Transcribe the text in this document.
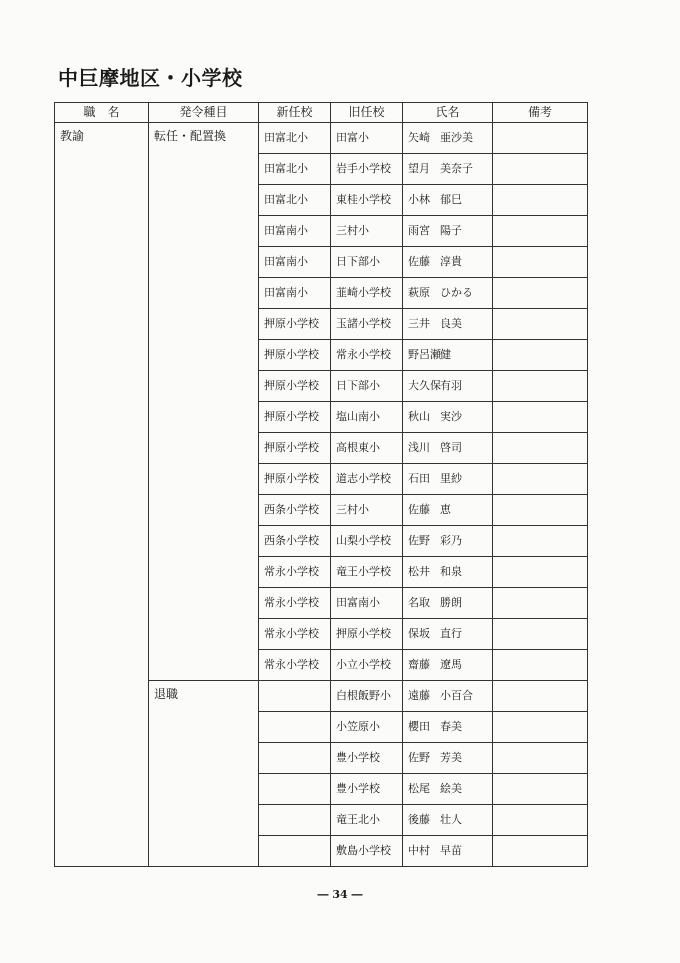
中巨摩地区・小学校
職　名	発令種目	新任校	旧任校	氏名	備考
教諭	転任・配置換	田富北小	田富小	矢崎 亜沙美	
		田富北小	岩手小学校	望月 美奈子	
		田富北小	東桂小学校	小林 郁巳	
		田富南小	三村小	雨宮 陽子	
		田富南小	日下部小	佐藤 淳貴	
		田富南小	韮崎小学校	萩原 ひかる	
		押原小学校	玉諸小学校	三井 良美	
		押原小学校	常永小学校	野呂瀬健	
		押原小学校	日下部小	大久保有羽	
		押原小学校	塩山南小	秋山 実沙	
		押原小学校	高根東小	浅川 啓司	
		押原小学校	道志小学校	石田 里紗	
		西条小学校	三村小	佐藤 恵	
		西条小学校	山梨小学校	佐野 彩乃	
		常永小学校	竜王小学校	松井 和泉	
		常永小学校	田富南小	名取 勝朗	
		常永小学校	押原小学校	保坂 直行	
		常永小学校	小立小学校	齋藤 遼馬	
	退職		白根飯野小	遠藤 小百合	
			小笠原小	櫻田 春美	
			豊小学校	佐野 芳美	
			豊小学校	松尾 絵美	
			竜王北小	後藤 壮人	
			敷島小学校	中村 早苗	
― 34 ―
